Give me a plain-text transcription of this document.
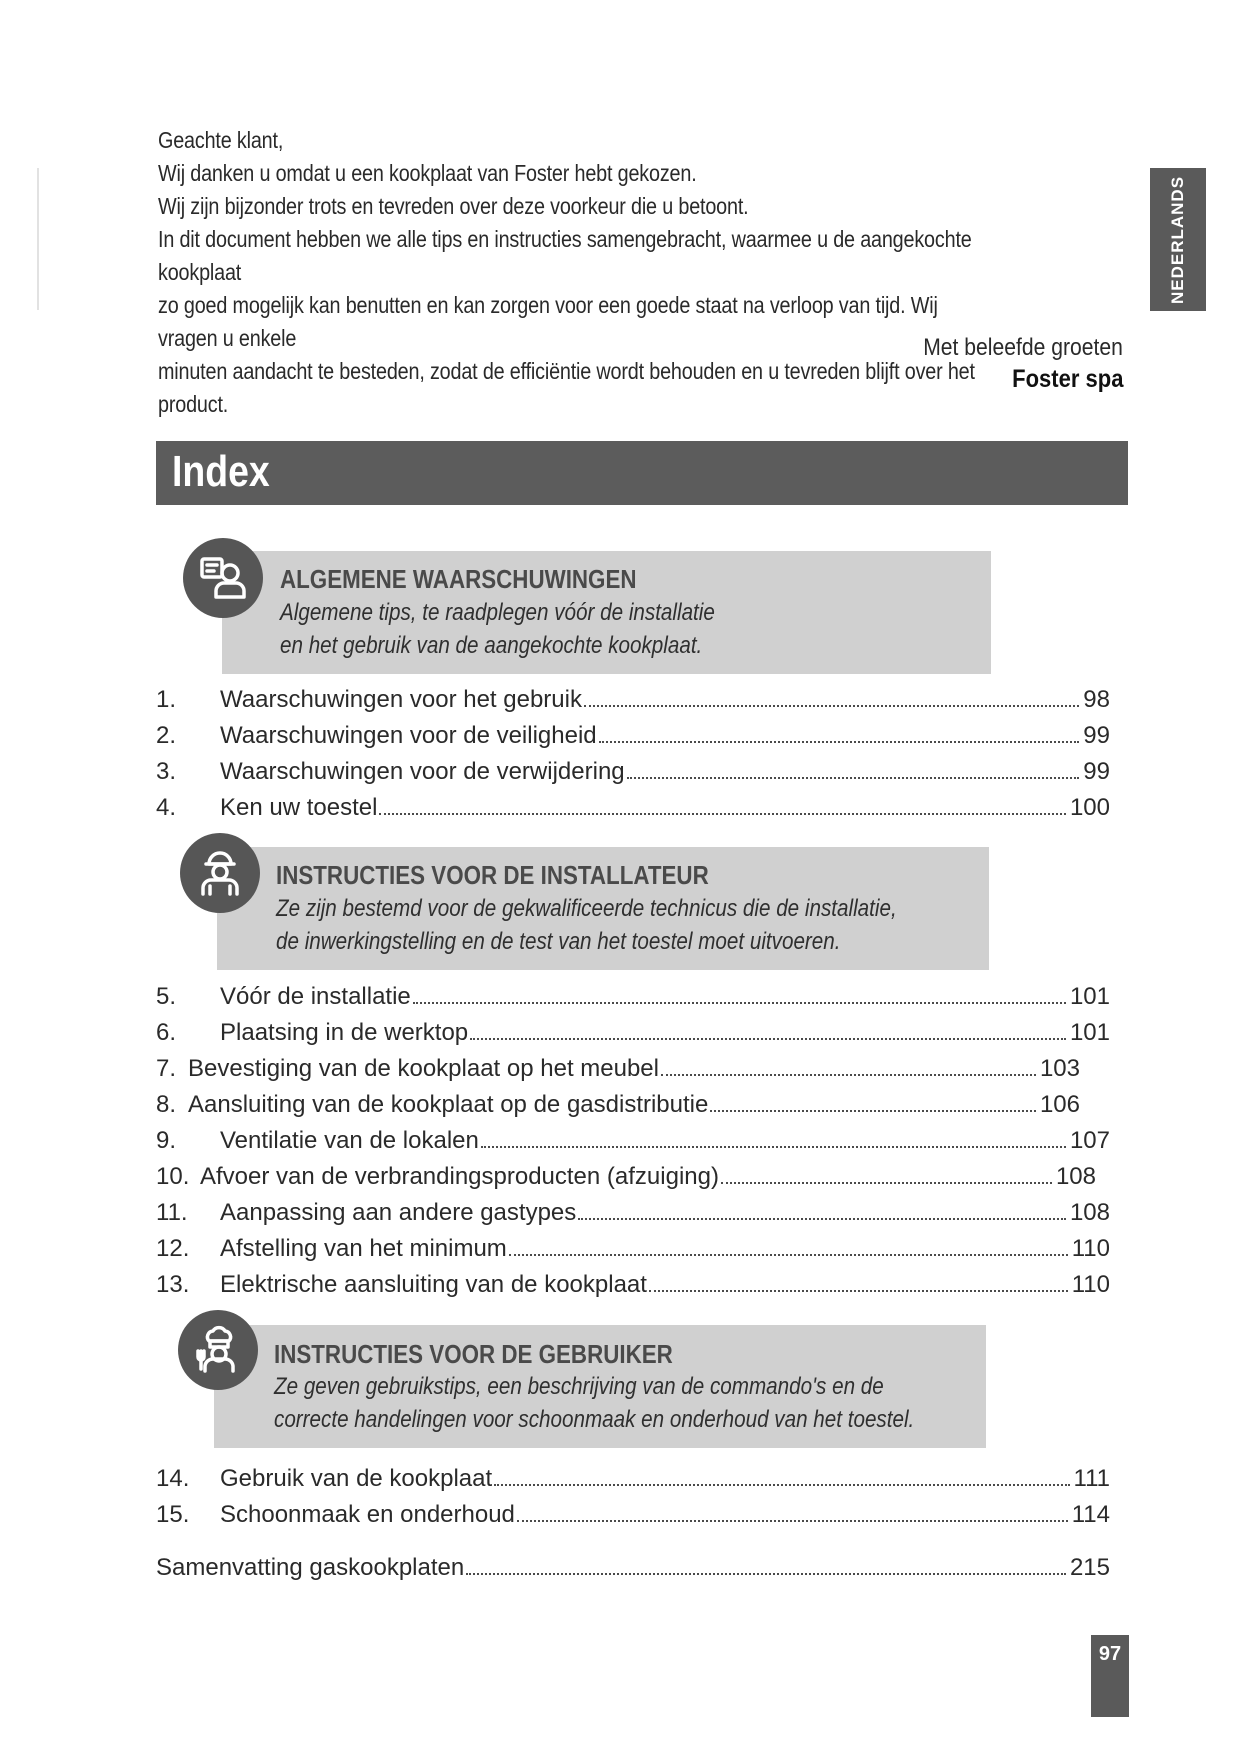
Geachte klant,

Wij danken u omdat u een kookplaat van Foster hebt gekozen.

Wij zijn bijzonder trots en tevreden over deze voorkeur die u betoont.

In dit document hebben we alle tips en instructies samengebracht, waarmee u de aangekochte kookplaat

zo goed mogelijk kan benutten en kan zorgen voor een goede staat na verloop van tijd. Wij vragen u enkele

minuten aandacht te besteden, zodat de efficiëntie wordt behouden en u tevreden blijft over het product.

Met beleefde groeten
Foster spa
NEDERLANDS
Index
ALGEMENE WAARSCHUWINGEN
Algemene tips, te raadplegen vóór de installatie
en het gebruik van de aangekochte kookplaat.
1.	Waarschuwingen voor het gebruik	98
2.	Waarschuwingen voor de veiligheid	99
3.	Waarschuwingen voor de verwijdering	99
4.	Ken uw toestel	100
INSTRUCTIES VOOR DE INSTALLATEUR
Ze zijn bestemd voor de gekwalificeerde technicus die de installatie,
de inwerkingstelling en de test van het toestel moet uitvoeren.
5.	Vóór de installatie	101
6.	Plaatsing in de werktop	101
7. Bevestiging van de kookplaat op het meubel	103
8. Aansluiting van de kookplaat op de gasdistributie	106
9.	Ventilatie van de lokalen	107
10. Afvoer van de verbrandingsproducten (afzuiging)	108
11.	Aanpassing aan andere gastypes	108
12.	Afstelling van het minimum	110
13.	Elektrische aansluiting van de kookplaat	110
INSTRUCTIES VOOR DE GEBRUIKER
Ze geven gebruikstips, een beschrijving van de commando's en de
correcte handelingen voor schoonmaak en onderhoud van het toestel.
14.	Gebruik van de kookplaat	111
15.	Schoonmaak en onderhoud	114
Samenvatting gaskookplaten	215
97
